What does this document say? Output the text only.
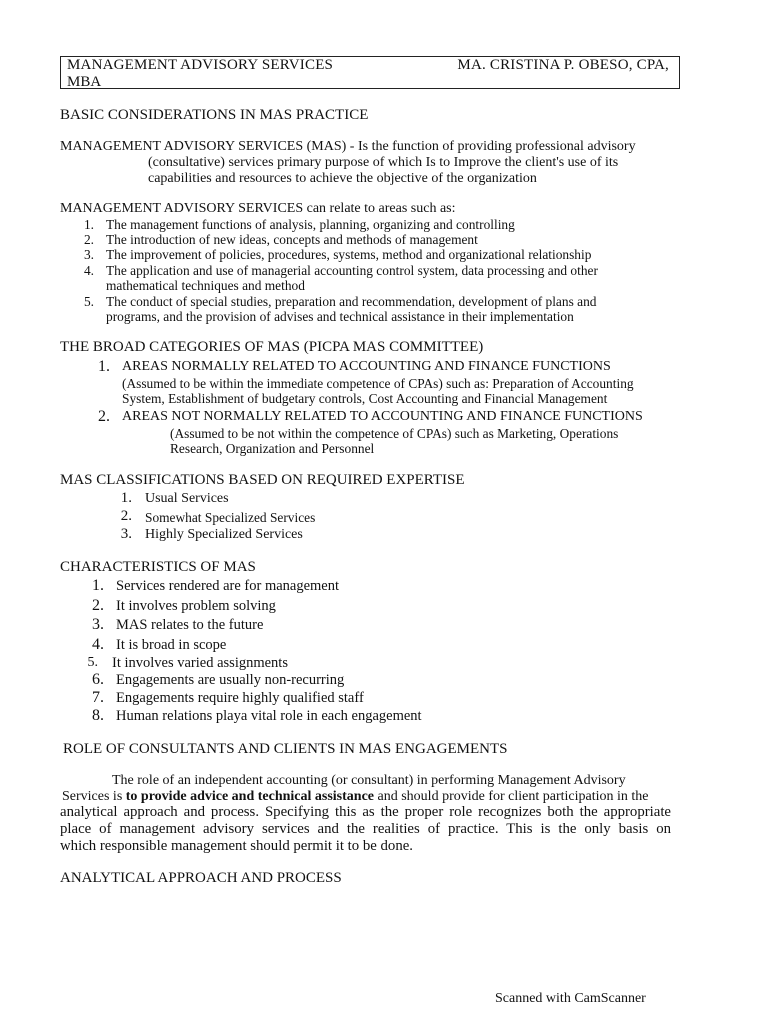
MANAGEMENT ADVISORY SERVICES	MA. CRISTINA P. OBESO, CPA,
MBA
BASIC CONSIDERATIONS IN MAS PRACTICE
MANAGEMENT ADVISORY SERVICES (MAS) - Is the function of providing professional advisory
(consultative) services primary purpose of which Is to Improve the client's use of its
capabilities and resources to achieve the objective of the organization
MANAGEMENT ADVISORY SERVICES can relate to areas such as:
1. The management functions of analysis, planning, organizing and controlling
2. The introduction of new ideas, concepts and methods of management
3. The improvement of policies, procedures, systems, method and organizational relationship
4. The application and use of managerial accounting control system, data processing and other
mathematical techniques and method
5. The conduct of special studies, preparation and recommendation, development of plans and
programs, and the provision of advises and technical assistance in their implementation
THE BROAD CATEGORIES OF MAS (PICPA MAS COMMITTEE)
1. AREAS NORMALLY RELATED TO ACCOUNTING AND FINANCE FUNCTIONS
(Assumed to be within the immediate competence of CPAs) such as: Preparation of Accounting
System, Establishment of budgetary controls, Cost Accounting and Financial Management
2. AREAS NOT NORMALLY RELATED TO ACCOUNTING AND FINANCE FUNCTIONS
(Assumed to be not within the competence of CPAs) such as Marketing, Operations
Research, Organization and Personnel
MAS CLASSIFICATIONS BASED ON REQUIRED EXPERTISE
1. Usual Services
2. Somewhat Specialized Services
3. Highly Specialized Services
CHARACTERISTICS OF MAS
1. Services rendered are for management
2. It involves problem solving
3. MAS relates to the future
4. It is broad in scope
5. It involves varied assignments
6. Engagements are usually non-recurring
7. Engagements require highly qualified staff
8. Human relations playa vital role in each engagement
ROLE OF CONSULTANTS AND CLIENTS IN MAS ENGAGEMENTS
The role of an independent accounting (or consultant) in performing Management Advisory
Services is to provide advice and technical assistance and should provide for client participation in the
analytical approach and process. Specifying this as the proper role recognizes both the appropriate
place of management advisory services and the realities of practice. This is the only basis on
which responsible management should permit it to be done.
ANALYTICAL APPROACH AND PROCESS
Scanned with CamScanner
